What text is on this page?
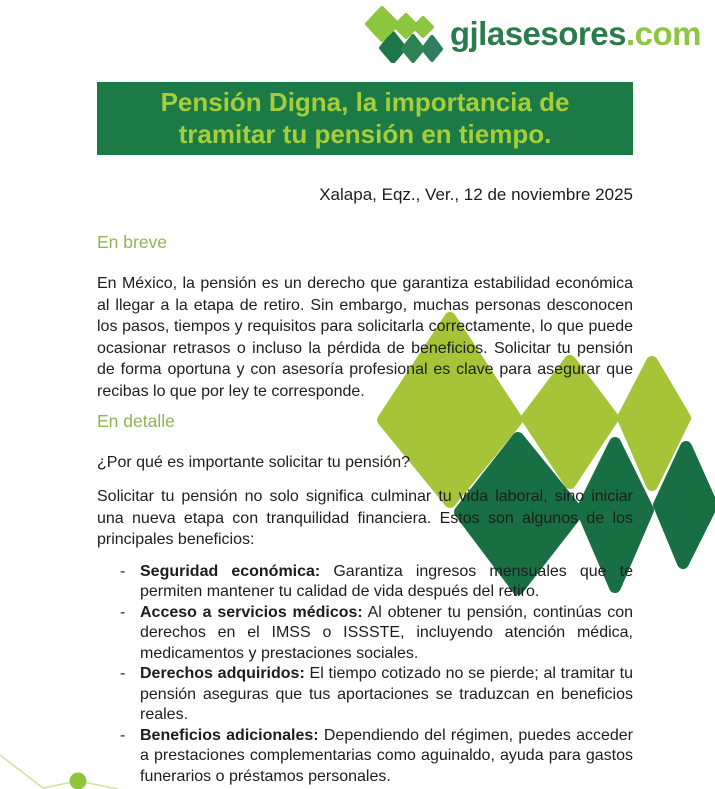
gjlasesores.com
Pensión Digna, la importancia de
tramitar tu pensión en tiempo.
Xalapa, Eqz., Ver., 12 de noviembre 2025
En breve
En México, la pensión es un derecho que garantiza estabilidad económica al llegar a la etapa de retiro. Sin embargo, muchas personas desconocen los pasos, tiempos y requisitos para solicitarla correctamente, lo que puede ocasionar retrasos o incluso la pérdida de beneficios. Solicitar tu pensión de forma oportuna y con asesoría profesional es clave para asegurar que recibas lo que por ley te corresponde.
En detalle
¿Por qué es importante solicitar tu pensión?
Solicitar tu pensión no solo significa culminar tu vida laboral, sino iniciar una nueva etapa con tranquilidad financiera. Estos son algunos de los principales beneficios:
- Seguridad económica: Garantiza ingresos mensuales que te permiten mantener tu calidad de vida después del retiro.
- Acceso a servicios médicos: Al obtener tu pensión, continúas con derechos en el IMSS o ISSSTE, incluyendo atención médica, medicamentos y prestaciones sociales.
- Derechos adquiridos: El tiempo cotizado no se pierde; al tramitar tu pensión aseguras que tus aportaciones se traduzcan en beneficios reales.
- Beneficios adicionales: Dependiendo del régimen, puedes acceder a prestaciones complementarias como aguinaldo, ayuda para gastos funerarios o préstamos personales.
